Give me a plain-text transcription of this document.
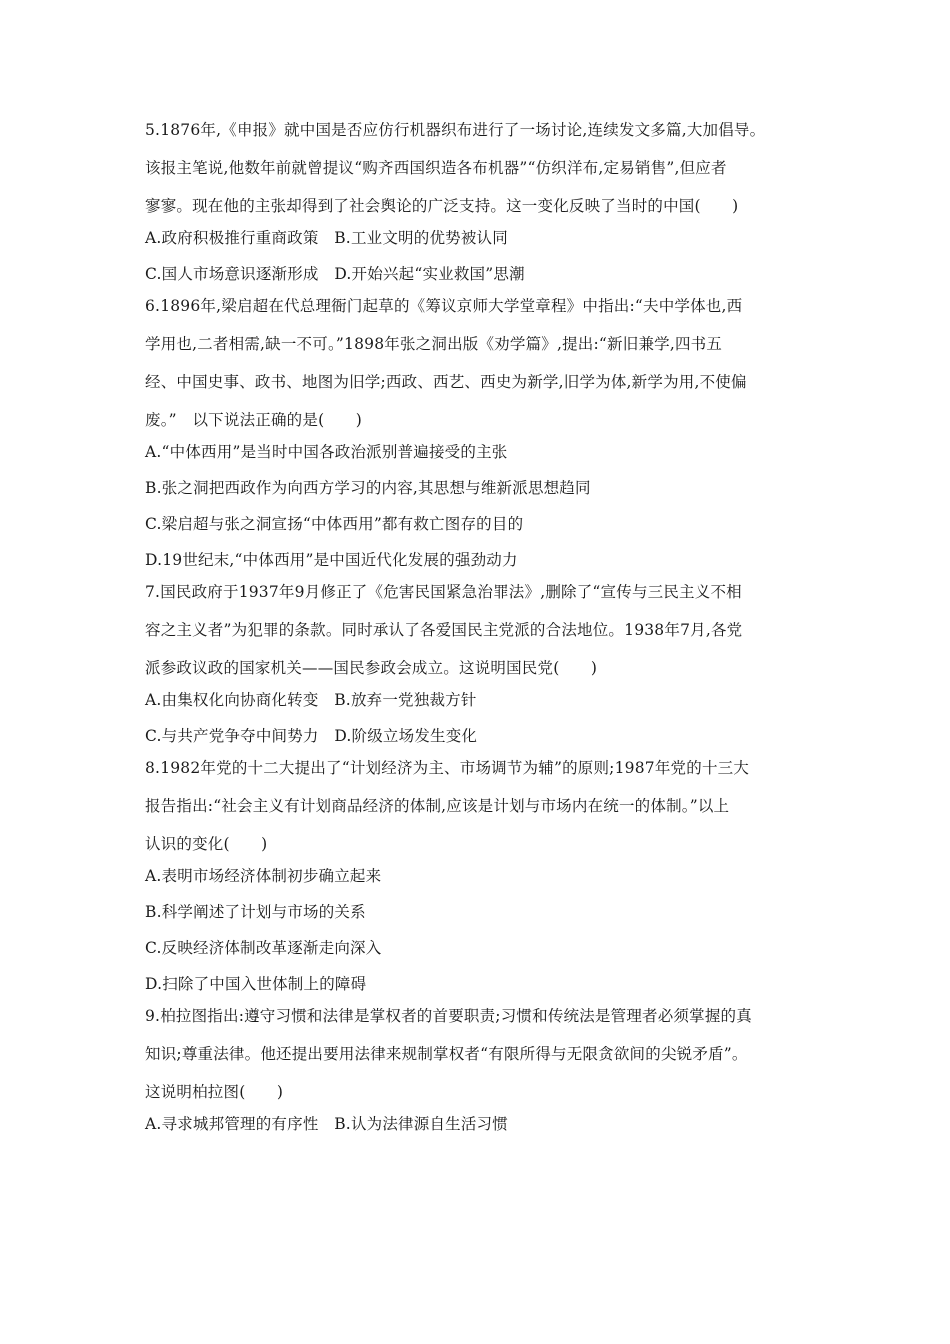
5.1876年,《申报》就中国是否应仿行机器织布进行了一场讨论,连续发文多篇,大加倡导。
该报主笔说,他数年前就曾提议“购齐西国织造各布机器”“仿织洋布,定易销售”,但应者
寥寥。现在他的主张却得到了社会舆论的广泛支持。这一变化反映了当时的中国(　　)
A.政府积极推行重商政策　B.工业文明的优势被认同
C.国人市场意识逐渐形成　D.开始兴起“实业救国”思潮
6.1896年,梁启超在代总理衙门起草的《筹议京师大学堂章程》中指出:“夫中学体也,西
学用也,二者相需,缺一不可。”1898年张之洞出版《劝学篇》,提出:“新旧兼学,四书五
经、中国史事、政书、地图为旧学;西政、西艺、西史为新学,旧学为体,新学为用,不使偏
废。”　以下说法正确的是(　　)
A.“中体西用”是当时中国各政治派别普遍接受的主张
B.张之洞把西政作为向西方学习的内容,其思想与维新派思想趋同
C.梁启超与张之洞宣扬“中体西用”都有救亡图存的目的
D.19世纪末,“中体西用”是中国近代化发展的强劲动力
7.国民政府于1937年9月修正了《危害民国紧急治罪法》,删除了“宣传与三民主义不相
容之主义者”为犯罪的条款。同时承认了各爱国民主党派的合法地位。1938年7月,各党
派参政议政的国家机关——国民参政会成立。这说明国民党(　　)
A.由集权化向协商化转变　B.放弃一党独裁方针
C.与共产党争夺中间势力　D.阶级立场发生变化
8.1982年党的十二大提出了“计划经济为主、市场调节为辅”的原则;1987年党的十三大
报告指出:“社会主义有计划商品经济的体制,应该是计划与市场内在统一的体制。”以上
认识的变化(　　)
A.表明市场经济体制初步确立起来
B.科学阐述了计划与市场的关系
C.反映经济体制改革逐渐走向深入
D.扫除了中国入世体制上的障碍
9.柏拉图指出:遵守习惯和法律是掌权者的首要职责;习惯和传统法是管理者必须掌握的真
知识;尊重法律。他还提出要用法律来规制掌权者“有限所得与无限贪欲间的尖锐矛盾”。
这说明柏拉图(　　)
A.寻求城邦管理的有序性　B.认为法律源自生活习惯
